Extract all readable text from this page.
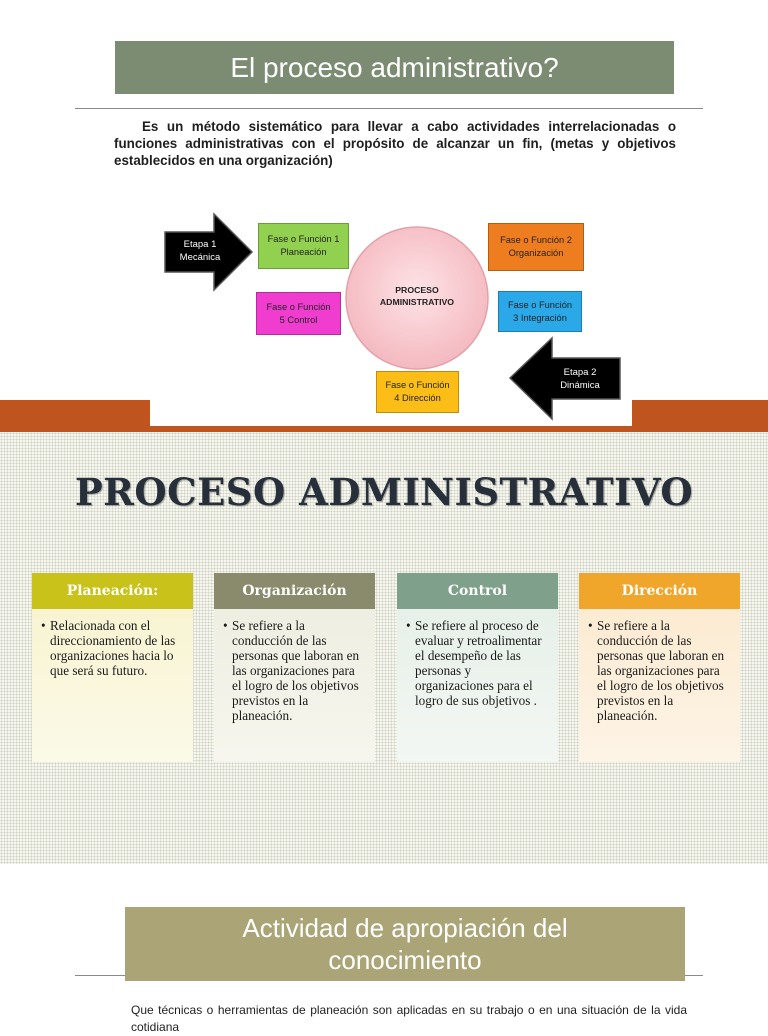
El proceso administrativo?
Es un método sistemático para llevar a cabo actividades interrelacionadas o funciones administrativas con el propósito de alcanzar un fin, (metas y objetivos establecidos en una organización)
Etapa 1
Mecánica
Etapa 2
Dinámica
PROCESO
ADMINISTRATIVO
Fase o Función 1
Planeación
Fase o Función 2
Organización
Fase o Función
3 Integración
Fase o Función
5 Control
Fase o Función
4 Dirección
PROCESO ADMINISTRATIVO
Planeación:
• Relacionada con el direccionamiento de las organizaciones hacia lo que será su futuro.
Organización
• Se refiere a la conducción de las personas que laboran en las organizaciones para el logro de los objetivos previstos en la planeación.
Control
• Se refiere al proceso de evaluar y retroalimentar el desempeño de las personas y organizaciones para el logro de sus objetivos .
Dirección
• Se refiere a la conducción de las personas que laboran en las organizaciones para el logro de los objetivos previstos en la planeación.
Actividad de apropiación del
conocimiento
Que técnicas o herramientas de planeación son aplicadas en su trabajo o en una situación de la vida cotidiana
